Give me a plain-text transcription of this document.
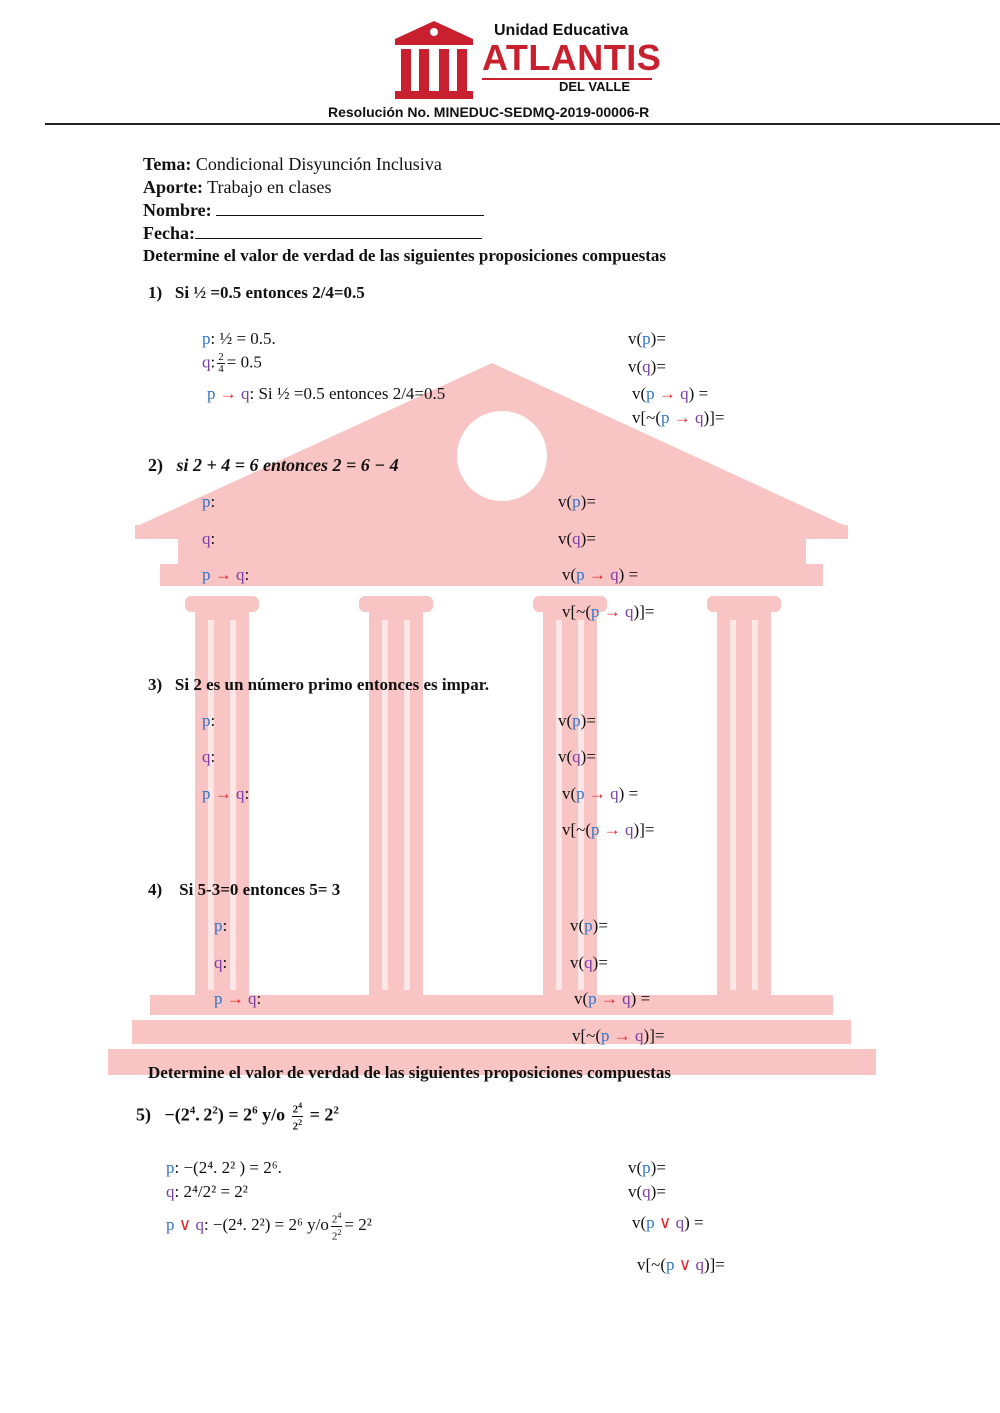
Unidad Educativa
ATLANTIS
DEL VALLE
Resolución No. MINEDUC-SEDMQ-2019-00006-R
Tema: Condicional Disyunción Inclusiva
Aporte: Trabajo en clases
Nombre:
Fecha:
Determine el valor de verdad de las siguientes proposiciones compuestas
1)   Si ½ =0.5 entonces 2/4=0.5
p: ½ = 0.5.
q: $\frac{2}{4} = 0.5$
p → q: Si ½ =0.5 entonces 2/4=0.5
v(p)=
v(q)=
v(p → q) =
v[~(p → q)]=
2) si 2 + 4 = 6 entonces 2 = 6 − 4
p:
q:
p → q:
v(p)=
v(q)=
v(p → q) =
v[~(p → q)]=
3)   Si 2 es un número primo entonces es impar.
p:
q:
p → q:
v(p)=
v(q)=
v(p → q) =
v[~(p → q)]=
4)    Si 5-3=0 entonces 5= 3
p:
q:
p → q:
v(p)=
v(q)=
v(p → q) =
v[~(p → q)]=
Determine el valor de verdad de las siguientes proposiciones compuestas
$5) -(2^4$. $2^2) = 2^6$ $y/o \frac{2^4}{2^2} = 2^2$
p: −(2⁴. 2² ) = 2⁶.
q: 2⁴/2² = 2²
p ∨ q: −(2⁴. 2²) = 2⁶ $y/o \frac{2^4}{2^2} = 2^2$
v(p)=
v(q)=
v(p ∨ q) =
v[~(p ∨ q)]=
